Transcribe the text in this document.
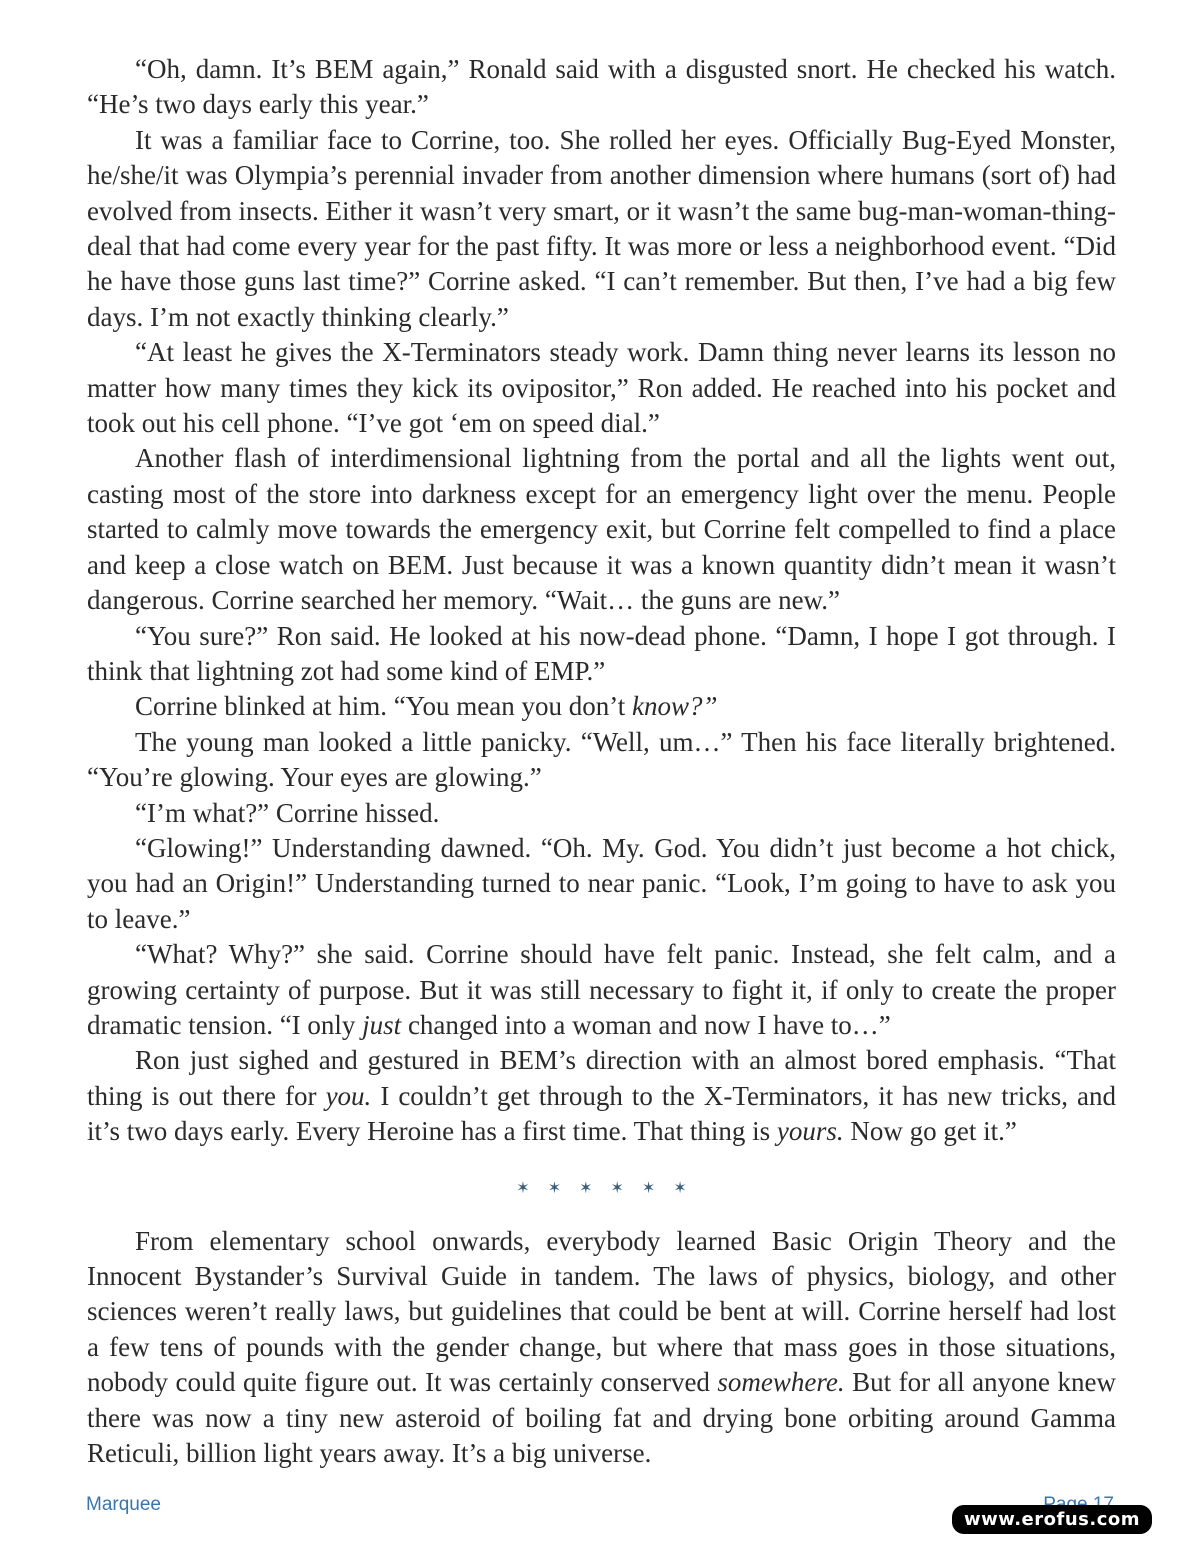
“Oh, damn. It’s BEM again,” Ronald said with a disgusted snort. He checked his watch. “He’s two days early this year.”

It was a familiar face to Corrine, too. She rolled her eyes. Officially Bug-Eyed Monster, he/she/it was Olympia’s perennial invader from another dimension where humans (sort of) had evolved from insects. Either it wasn’t very smart, or it wasn’t the same bug-man-woman-thing-deal that had come every year for the past fifty. It was more or less a neighborhood event. “Did he have those guns last time?” Corrine asked. “I can’t remember. But then, I’ve had a big few days. I’m not exactly thinking clearly.”

“At least he gives the X-Terminators steady work. Damn thing never learns its lesson no matter how many times they kick its ovipositor,” Ron added. He reached into his pocket and took out his cell phone. “I’ve got ‘em on speed dial.”

Another flash of interdimensional lightning from the portal and all the lights went out, casting most of the store into darkness except for an emergency light over the menu. People started to calmly move towards the emergency exit, but Corrine felt compelled to find a place and keep a close watch on BEM. Just because it was a known quantity didn’t mean it wasn’t dangerous. Corrine searched her memory. “Wait… the guns are new.”

“You sure?” Ron said. He looked at his now-dead phone. “Damn, I hope I got through. I think that lightning zot had some kind of EMP.”

Corrine blinked at him. “You mean you don’t know?”

The young man looked a little panicky. “Well, um…” Then his face literally brightened. “You’re glowing. Your eyes are glowing.”

“I’m what?” Corrine hissed.

“Glowing!” Understanding dawned. “Oh. My. God. You didn’t just become a hot chick, you had an Origin!” Understanding turned to near panic. “Look, I’m going to have to ask you to leave.”

“What? Why?” she said. Corrine should have felt panic. Instead, she felt calm, and a growing certainty of purpose. But it was still necessary to fight it, if only to create the proper dramatic tension. “I only just changed into a woman and now I have to…”

Ron just sighed and gestured in BEM’s direction with an almost bored emphasis. “That thing is out there for you. I couldn’t get through to the X-Terminators, it has new tricks, and it’s two days early. Every Heroine has a first time. That thing is yours. Now go get it.”

✶ ✶ ✶ ✶ ✶ ✶

From elementary school onwards, everybody learned Basic Origin Theory and the Innocent Bystander’s Survival Guide in tandem. The laws of physics, biology, and other sciences weren’t really laws, but guidelines that could be bent at will. Corrine herself had lost a few tens of pounds with the gender change, but where that mass goes in those situations, nobody could quite figure out. It was certainly conserved somewhere. But for all anyone knew there was now a tiny new asteroid of boiling fat and drying bone orbiting around Gamma Reticuli, billion light years away. It’s a big universe.

Marquee
www.erofus.com
